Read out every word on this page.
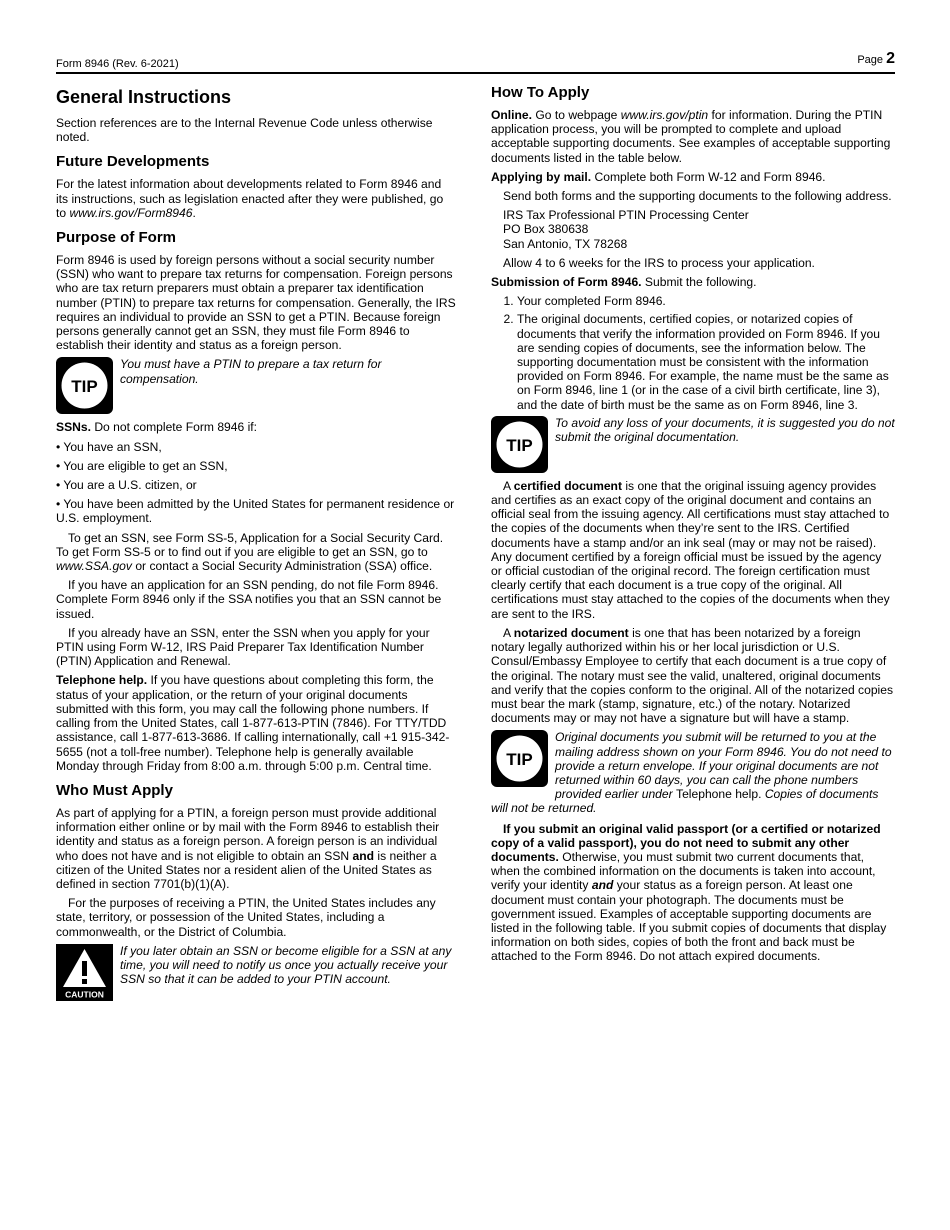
Form 8946 (Rev. 6-2021)	Page 2
General Instructions

Section references are to the Internal Revenue Code unless otherwise noted.

Future Developments

For the latest information about developments related to Form 8946 and its instructions, such as legislation enacted after they were published, go to www.irs.gov/Form8946.

Purpose of Form

Form 8946 is used by foreign persons without a social security number (SSN) who want to prepare tax returns for compensation. Foreign persons who are tax return preparers must obtain a preparer tax identification number (PTIN) to prepare tax returns for compensation. Generally, the IRS requires an individual to provide an SSN to get a PTIN. Because foreign persons generally cannot get an SSN, they must file Form 8946 to establish their identity and status as a foreign person.

TIP

You must have a PTIN to prepare a tax return for compensation.

SSNs. Do not complete Form 8946 if:

• You have an SSN,

• You are eligible to get an SSN,

• You are a U.S. citizen, or

• You have been admitted by the United States for permanent residence or U.S. employment.

To get an SSN, see Form SS-5, Application for a Social Security Card. To get Form SS-5 or to find out if you are eligible to get an SSN, go to www.SSA.gov or contact a Social Security Administration (SSA) office.

If you have an application for an SSN pending, do not file Form 8946. Complete Form 8946 only if the SSA notifies you that an SSN cannot be issued.

If you already have an SSN, enter the SSN when you apply for your PTIN using Form W-12, IRS Paid Preparer Tax Identification Number (PTIN) Application and Renewal.

Telephone help. If you have questions about completing this form, the status of your application, or the return of your original documents submitted with this form, you may call the following phone numbers. If calling from the United States, call 1-877-613-PTIN (7846). For TTY/TDD assistance, call 1-877-613-3686. If calling internationally, call +1 915-342-5655 (not a toll-free number). Telephone help is generally available Monday through Friday from 8:00 a.m. through 5:00 p.m. Central time.

Who Must Apply

As part of applying for a PTIN, a foreign person must provide additional information either online or by mail with the Form 8946 to establish their identity and status as a foreign person. A foreign person is an individual who does not have and is not eligible to obtain an SSN and is neither a citizen of the United States nor a resident alien of the United States as defined in section 7701(b)(1)(A).

For the purposes of receiving a PTIN, the United States includes any state, territory, or possession of the United States, including a commonwealth, or the District of Columbia.

CAUTION

If you later obtain an SSN or become eligible for a SSN at any time, you will need to notify us once you actually receive your SSN so that it can be added to your PTIN account.

How To Apply

Online. Go to webpage www.irs.gov/ptin for information. During the PTIN application process, you will be prompted to complete and upload acceptable supporting documents. See examples of acceptable supporting documents listed in the table below.

Applying by mail. Complete both Form W-12 and Form 8946.

Send both forms and the supporting documents to the following address.

IRS Tax Professional PTIN Processing Center
PO Box 380638
San Antonio, TX 78268

Allow 4 to 6 weeks for the IRS to process your application.

Submission of Form 8946. Submit the following.

1. Your completed Form 8946.
2. The original documents, certified copies, or notarized copies of documents that verify the information provided on Form 8946. If you are sending copies of documents, see the information below. The supporting documentation must be consistent with the information provided on Form 8946. For example, the name must be the same as on Form 8946, line 1 (or in the case of a civil birth certificate, line 3), and the date of birth must be the same as on Form 8946, line 3.
TIP

To avoid any loss of your documents, it is suggested you do not submit the original documentation.

A certified document is one that the original issuing agency provides and certifies as an exact copy of the original document and contains an official seal from the issuing agency. All certifications must stay attached to the copies of the documents when they’re sent to the IRS. Certified documents have a stamp and/or an ink seal (may or may not be raised). Any document certified by a foreign official must be issued by the agency or official custodian of the original record. The foreign certification must clearly certify that each document is a true copy of the original. All certifications must stay attached to the copies of the documents when they are sent to the IRS.

A notarized document is one that has been notarized by a foreign notary legally authorized within his or her local jurisdiction or U.S. Consul/Embassy Employee to certify that each document is a true copy of the original. The notary must see the valid, unaltered, original documents and verify that the copies conform to the original. All of the notarized copies must bear the mark (stamp, signature, etc.) of the notary. Notarized documents may or may not have a signature but will have a stamp.

TIP

Original documents you submit will be returned to you at the mailing address shown on your Form 8946. You do not need to provide a return envelope. If your original documents are not returned within 60 days, you can call the phone numbers provided earlier under Telephone help. Copies of documents will not be returned.

If you submit an original valid passport (or a certified or notarized copy of a valid passport), you do not need to submit any other documents. Otherwise, you must submit two current documents that, when the combined information on the documents is taken into account, verify your identity and your status as a foreign person. At least one document must contain your photograph. The documents must be government issued. Examples of acceptable supporting documents are listed in the following table. If you submit copies of documents that display information on both sides, copies of both the front and back must be attached to the Form 8946. Do not attach expired documents.
